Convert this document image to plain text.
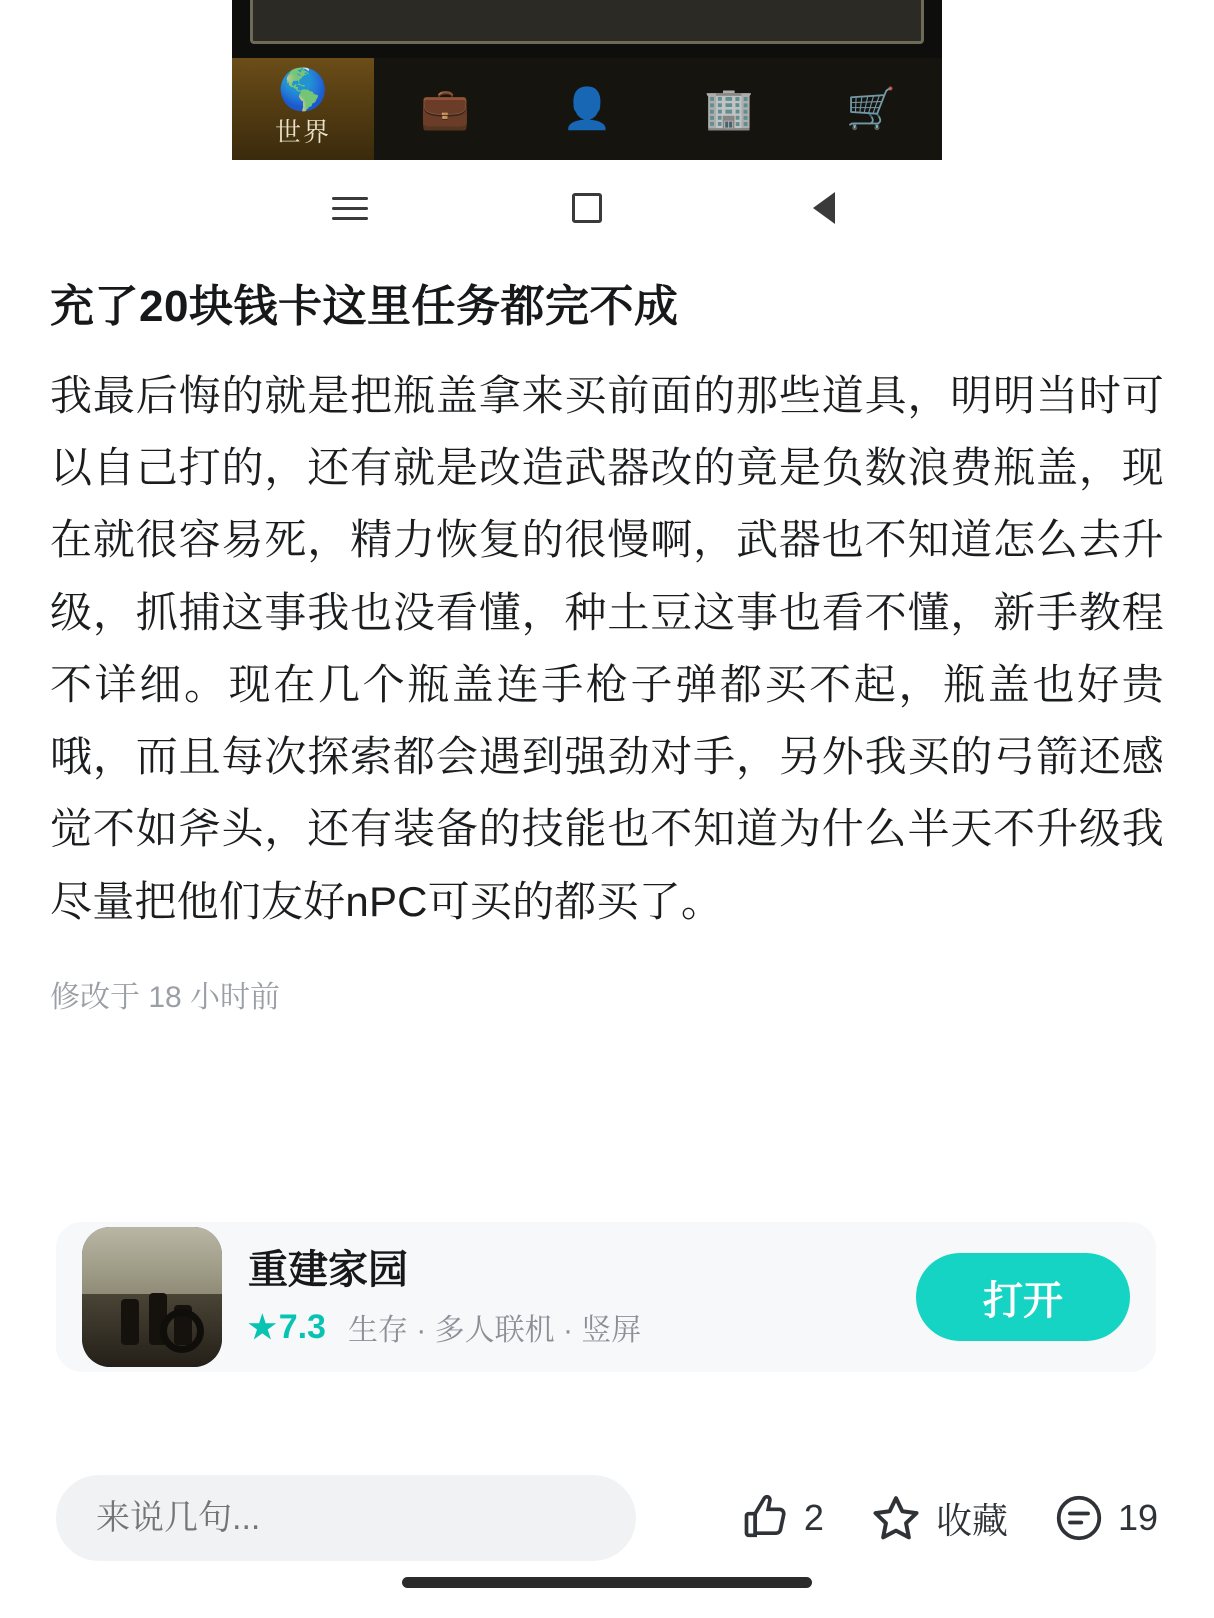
🌎
世界
💼 👤 🏢 🛒
充了20块钱卡这里任务都完不成
我最后悔的就是把瓶盖拿来买前面的那些道具，明明当时可以自己打的，还有就是改造武器改的竟是负数浪费瓶盖，现在就很容易死，精力恢复的很慢啊，武器也不知道怎么去升级，抓捕这事我也没看懂，种土豆这事也看不懂，新手教程不详细。现在几个瓶盖连手枪子弹都买不起，瓶盖也好贵哦，而且每次探索都会遇到强劲对手，另外我买的弓箭还感觉不如斧头，还有装备的技能也不知道为什么半天不升级我尽量把他们友好nPC可买的都买了。
修改于 18 小时前
重建家园
★ 7.3 生存 · 多人联机 · 竖屏
打开
来说几句...
2	收藏	19
